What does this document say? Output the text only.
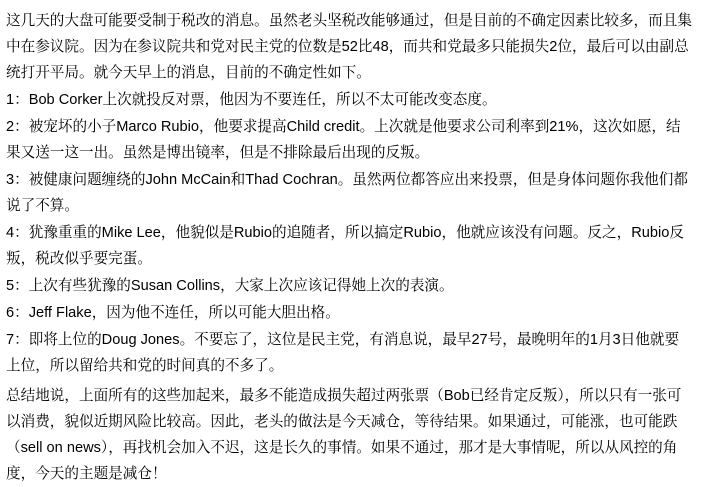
这几天的大盘可能要受制于税改的消息。虽然老头坚税改能够通过，但是目前的不确定因素比较多，而且集中在参议院。因为在参议院共和党对民主党的位数是52比48，而共和党最多只能损失2位，最后可以由副总统打开平局。就今天早上的消息，目前的不确定性如下。

1：Bob Corker上次就投反对票，他因为不要连任，所以不太可能改变态度。

2：被宠坏的小子Marco Rubio，他要求提高Child credit。上次就是他要求公司利率到21%，这次如愿，结果又送一这一出。虽然是博出镜率，但是不排除最后出现的反叛。

3：被健康问题缠绕的John McCain和Thad Cochran。虽然两位都答应出来投票，但是身体问题你我他们都说了不算。

4：犹豫重重的Mike Lee，他貌似是Rubio的追随者，所以搞定Rubio，他就应该没有问题。反之，Rubio反叛，税改似乎要完蛋。

5：上次有些犹豫的Susan Collins，大家上次应该记得她上次的表演。

6：Jeff Flake，因为他不连任，所以可能大胆出格。

7：即将上位的Doug Jones。不要忘了，这位是民主党，有消息说，最早27号，最晚明年的1月3日他就要上位，所以留给共和党的时间真的不多了。

总结地说，上面所有的这些加起来，最多不能造成损失超过两张票（Bob已经肯定反叛），所以只有一张可以消费，貌似近期风险比较高。因此，老头的做法是今天减仓，等待结果。如果通过，可能涨，也可能跌（sell on news），再找机会加入不迟，这是长久的事情。如果不通过，那才是大事情呢，所以从风控的角度，今天的主题是减仓！
